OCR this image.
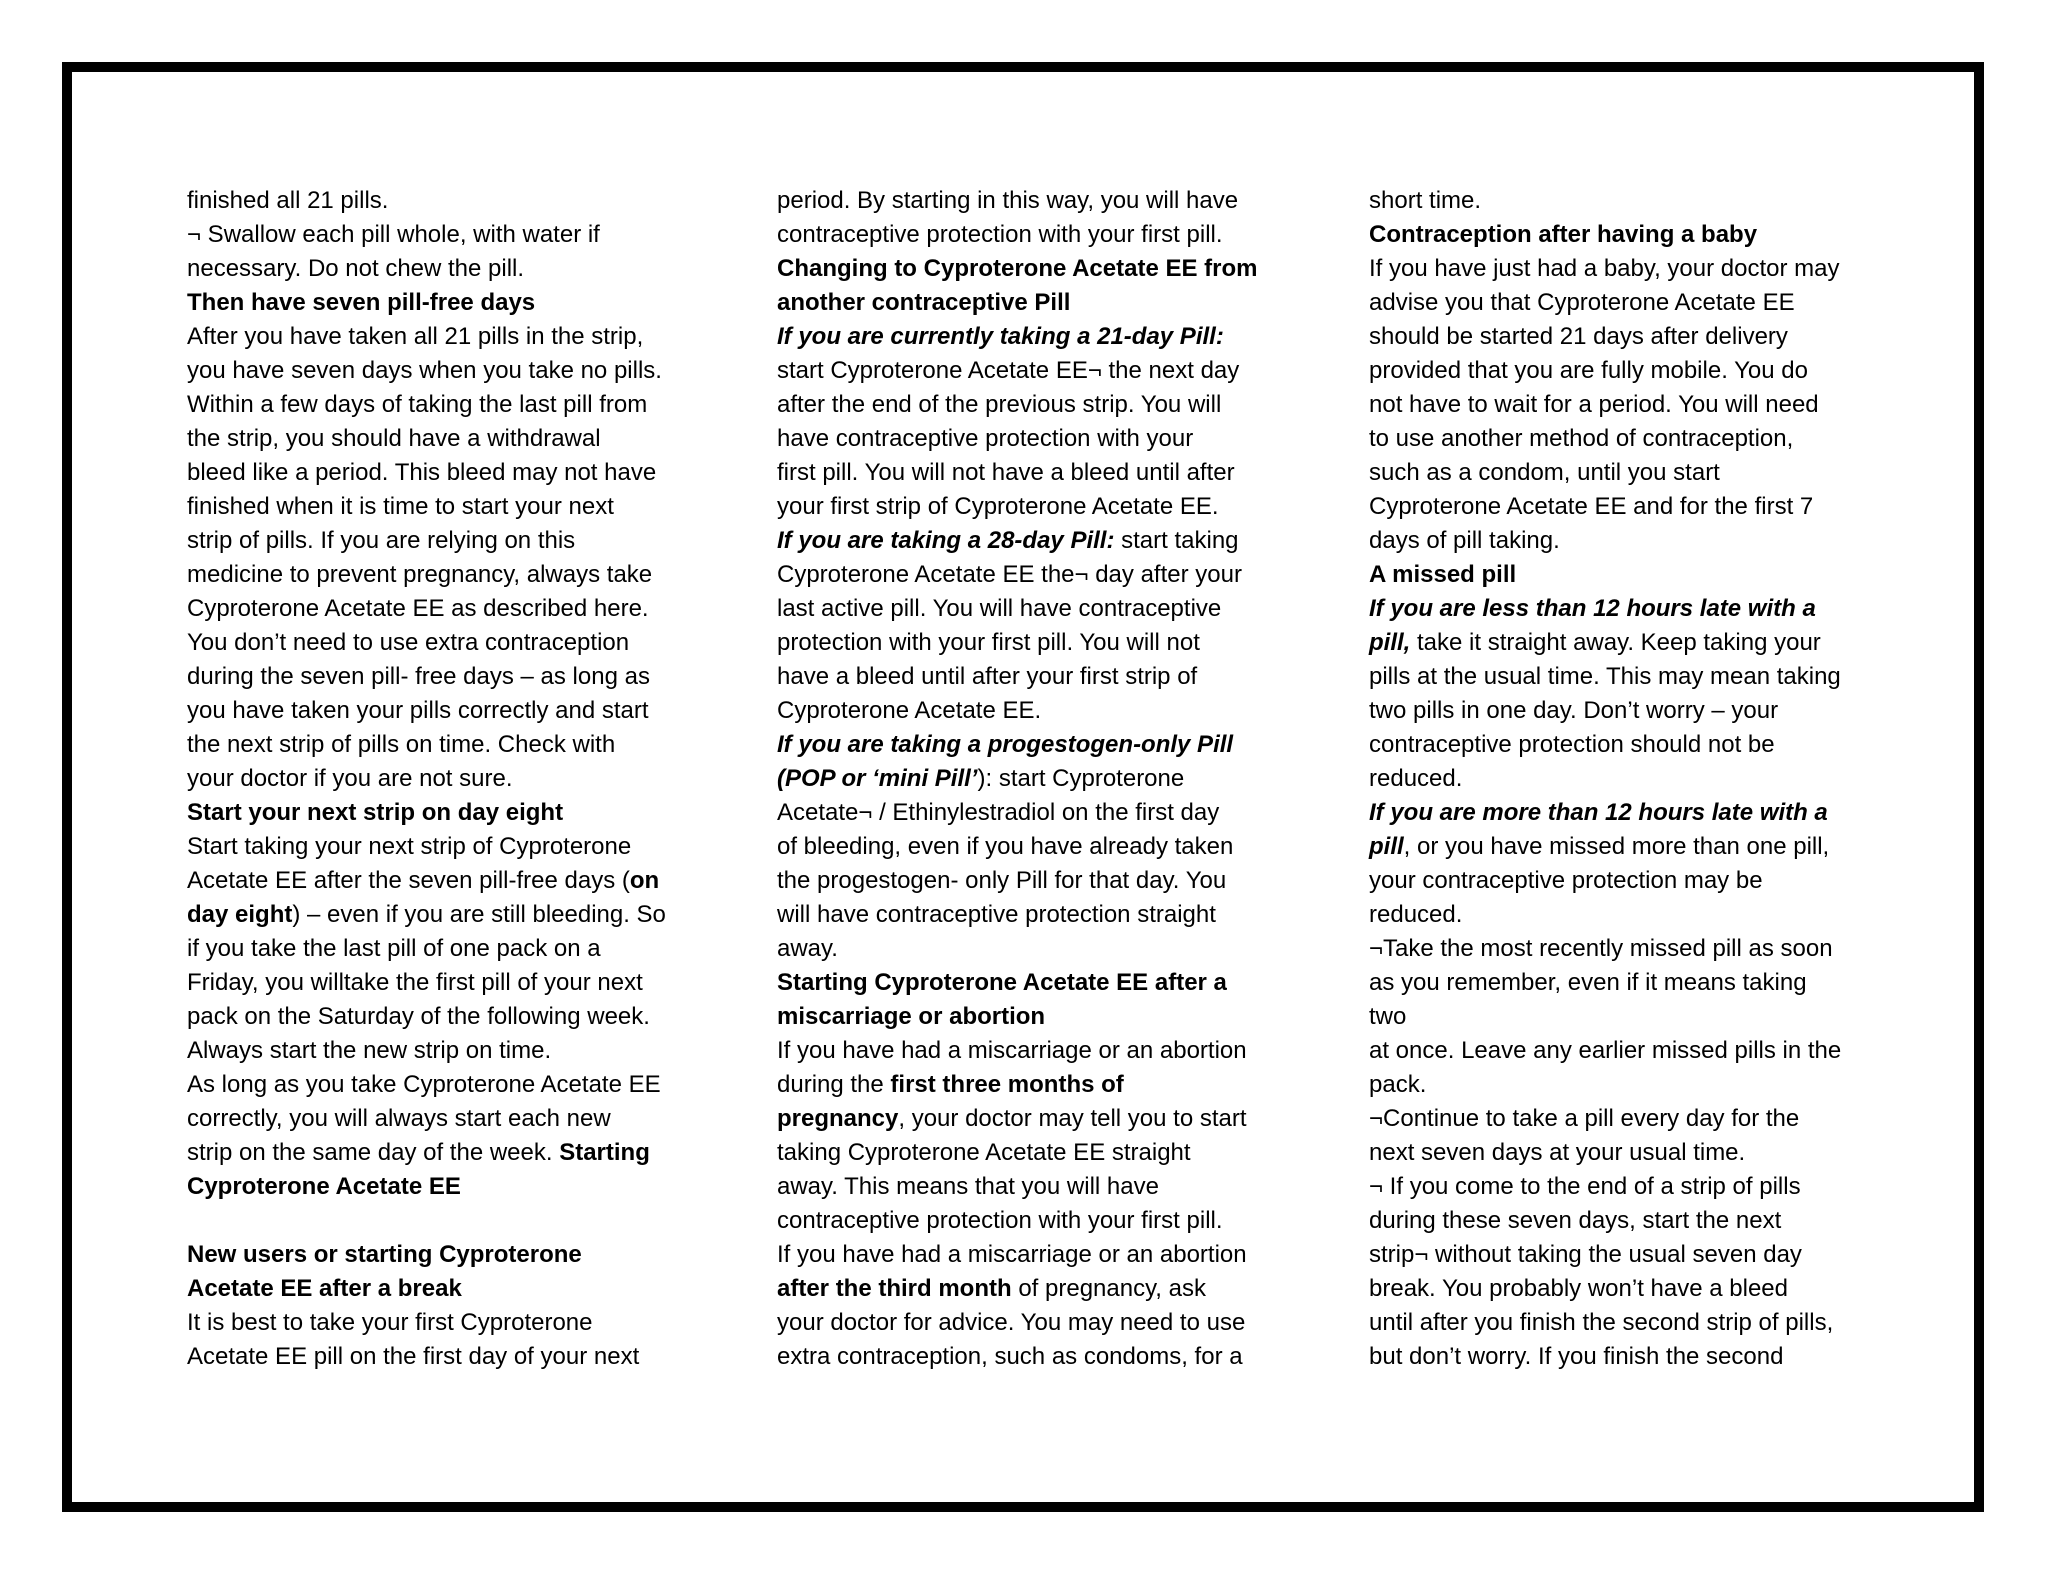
finished all 21 pills.
¬ Swallow each pill whole, with water if
necessary. Do not chew the pill.
Then have seven pill-free days
After you have taken all 21 pills in the strip,
you have seven days when you take no pills.
Within a few days of taking the last pill from
the strip, you should have a withdrawal
bleed like a period. This bleed may not have
finished when it is time to start your next
strip of pills. If you are relying on this
medicine to prevent pregnancy, always take
Cyproterone Acetate EE as described here.
You don’t need to use extra contraception
during the seven pill- free days – as long as
you have taken your pills correctly and start
the next strip of pills on time. Check with
your doctor if you are not sure.
Start your next strip on day eight
Start taking your next strip of Cyproterone
Acetate EE after the seven pill-free days (on
day eight) – even if you are still bleeding. So
if you take the last pill of one pack on a
Friday, you willtake the first pill of your next
pack on the Saturday of the following week.
Always start the new strip on time.
As long as you take Cyproterone Acetate EE
correctly, you will always start each new
strip on the same day of the week. Starting
Cyproterone Acetate EE
New users or starting Cyproterone
Acetate EE after a break
It is best to take your first Cyproterone
Acetate EE pill on the first day of your next
period. By starting in this way, you will have
contraceptive protection with your first pill.
Changing to Cyproterone Acetate EE from
another contraceptive Pill
If you are currently taking a 21-day Pill:
start Cyproterone Acetate EE¬ the next day
after the end of the previous strip. You will
have contraceptive protection with your
first pill. You will not have a bleed until after
your first strip of Cyproterone Acetate EE.
If you are taking a 28-day Pill: start taking
Cyproterone Acetate EE the¬ day after your
last active pill. You will have contraceptive
protection with your first pill. You will not
have a bleed until after your first strip of
Cyproterone Acetate EE.
If you are taking a progestogen-only Pill
(POP or ‘mini Pill’): start Cyproterone
Acetate¬ / Ethinylestradiol on the first day
of bleeding, even if you have already taken
the progestogen- only Pill for that day. You
will have contraceptive protection straight
away.
Starting Cyproterone Acetate EE after a
miscarriage or abortion
If you have had a miscarriage or an abortion
during the first three months of
pregnancy, your doctor may tell you to start
taking Cyproterone Acetate EE straight
away. This means that you will have
contraceptive protection with your first pill.
If you have had a miscarriage or an abortion
after the third month of pregnancy, ask
your doctor for advice. You may need to use
extra contraception, such as condoms, for a
short time.
Contraception after having a baby
If you have just had a baby, your doctor may
advise you that Cyproterone Acetate EE
should be started 21 days after delivery
provided that you are fully mobile. You do
not have to wait for a period. You will need
to use another method of contraception,
such as a condom, until you start
Cyproterone Acetate EE and for the first 7
days of pill taking.
A missed pill
If you are less than 12 hours late with a
pill, take it straight away. Keep taking your
pills at the usual time. This may mean taking
two pills in one day. Don’t worry – your
contraceptive protection should not be
reduced.
If you are more than 12 hours late with a
pill, or you have missed more than one pill,
your contraceptive protection may be
reduced.
¬Take the most recently missed pill as soon
as you remember, even if it means taking
two
at once. Leave any earlier missed pills in the
pack.
¬Continue to take a pill every day for the
next seven days at your usual time.
¬ If you come to the end of a strip of pills
during these seven days, start the next
strip¬ without taking the usual seven day
break. You probably won’t have a bleed
until after you finish the second strip of pills,
but don’t worry. If you finish the second
